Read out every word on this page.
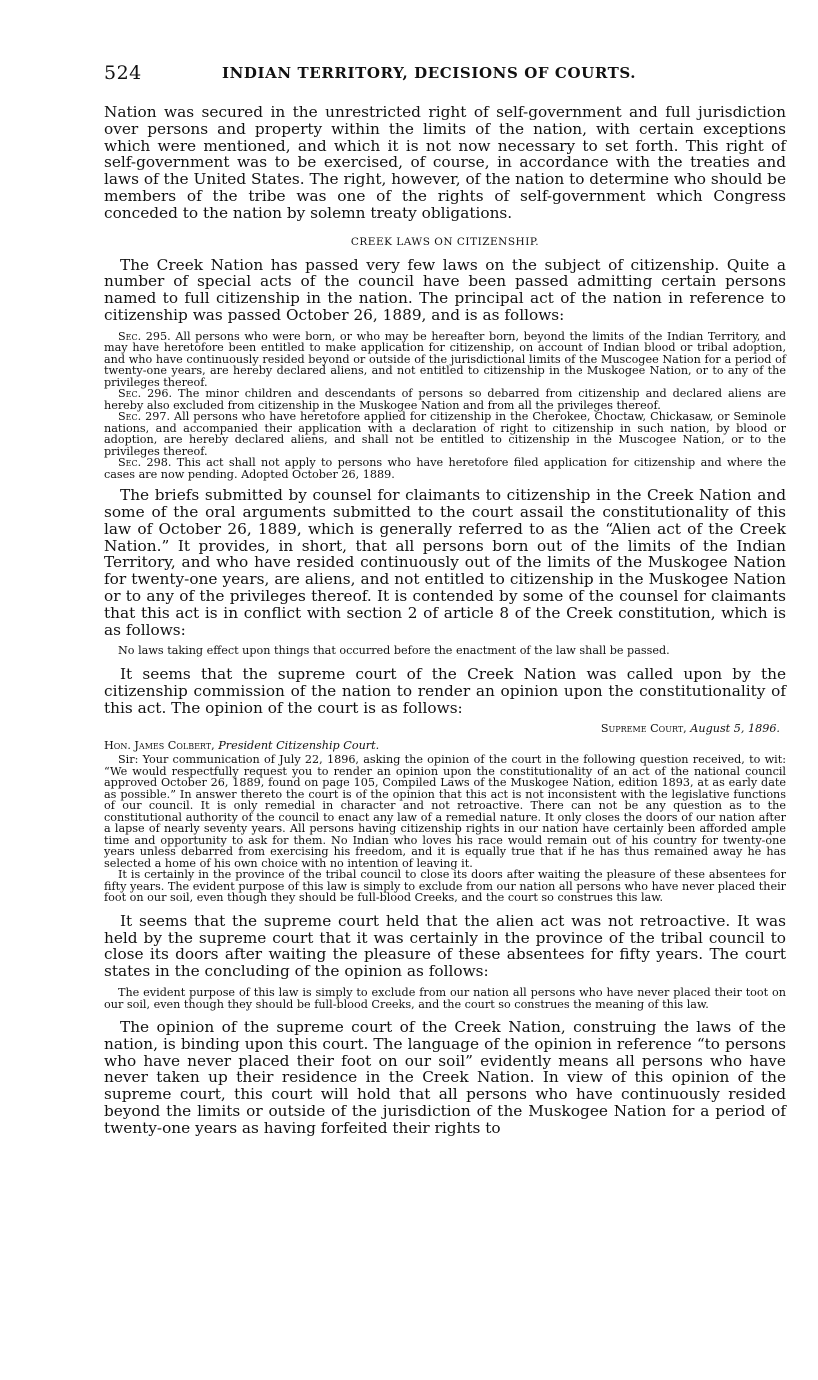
524	INDIAN TERRITORY, DECISIONS OF COURTS.

Nation was secured in the unrestricted right of self-government and full jurisdiction over persons and property within the limits of the nation, with certain exceptions which were mentioned, and which it is not now necessary to set forth. This right of self-government was to be exercised, of course, in accordance with the treaties and laws of the United States. The right, however, of the nation to determine who should be members of the tribe was one of the rights of self-government which Congress conceded to the nation by solemn treaty obligations.

CREEK LAWS ON CITIZENSHIP.

The Creek Nation has passed very few laws on the subject of citizenship. Quite a number of special acts of the council have been passed admitting certain persons named to full citizenship in the nation. The principal act of the nation in reference to citizenship was passed October 26, 1889, and is as follows:

Sec. 295. All persons who were born, or who may be hereafter born, beyond the limits of the Indian Territory, and may have heretofore been entitled to make application for citizenship, on account of Indian blood or tribal adoption, and who have continuously resided beyond or outside of the jurisdictional limits of the Muscogee Nation for a period of twenty-one years, are hereby declared aliens, and not entitled to citizenship in the Muskogee Nation, or to any of the privileges thereof.

Sec. 296. The minor children and descendants of persons so debarred from citizenship and declared aliens are hereby also excluded from citizenship in the Muskogee Nation and from all the privileges thereof.

Sec. 297. All persons who have heretofore applied for citizenship in the Cherokee, Choctaw, Chickasaw, or Seminole nations, and accompanied their application with a declaration of right to citizenship in such nation, by blood or adoption, are hereby declared aliens, and shall not be entitled to citizenship in the Muscogee Nation, or to the privileges thereof.

Sec. 298. This act shall not apply to persons who have heretofore filed application for citizenship and where the cases are now pending. Adopted October 26, 1889.

The briefs submitted by counsel for claimants to citizenship in the Creek Nation and some of the oral arguments submitted to the court assail the constitutionality of this law of October 26, 1889, which is generally referred to as the “Alien act of the Creek Nation.” It provides, in short, that all persons born out of the limits of the Indian Territory, and who have resided continuously out of the limits of the Muskogee Nation for twenty-one years, are aliens, and not entitled to citizenship in the Muskogee Nation or to any of the privileges thereof. It is contended by some of the counsel for claimants that this act is in conflict with section 2 of article 8 of the Creek constitution, which is as follows:

No laws taking effect upon things that occurred before the enactment of the law shall be passed.

It seems that the supreme court of the Creek Nation was called upon by the citizenship commission of the nation to render an opinion upon the constitutionality of this act. The opinion of the court is as follows:

Supreme Court, August 5, 1896.
Hon. James Colbert, President Citizenship Court.

Sir: Your communication of July 22, 1896, asking the opinion of the court in the following question received, to wit: “We would respectfully request you to render an opinion upon the constitutionality of an act of the national council approved October 26, 1889, found on page 105, Compiled Laws of the Muskogee Nation, edition 1893, at as early date as possible.” In answer thereto the court is of the opinion that this act is not inconsistent with the legislative functions of our council. It is only remedial in character and not retroactive. There can not be any question as to the constitutional authority of the council to enact any law of a remedial nature. It only closes the doors of our nation after a lapse of nearly seventy years. All persons having citizenship rights in our nation have certainly been afforded ample time and opportunity to ask for them. No Indian who loves his race would remain out of his country for twenty-one years unless debarred from exercising his freedom, and it is equally true that if he has thus remained away he has selected a home of his own choice with no intention of leaving it.

It is certainly in the province of the tribal council to close its doors after waiting the pleasure of these absentees for fifty years. The evident purpose of this law is simply to exclude from our nation all persons who have never placed their foot on our soil, even though they should be full-blood Creeks, and the court so construes this law.

It seems that the supreme court held that the alien act was not retroactive. It was held by the supreme court that it was certainly in the province of the tribal council to close its doors after waiting the pleasure of these absentees for fifty years. The court states in the concluding of the opinion as follows:

The evident purpose of this law is simply to exclude from our nation all persons who have never placed their toot on our soil, even though they should be full-blood Creeks, and the court so construes the meaning of this law.

The opinion of the supreme court of the Creek Nation, construing the laws of the nation, is binding upon this court. The language of the opinion in reference “to persons who have never placed their foot on our soil” evidently means all persons who have never taken up their residence in the Creek Nation. In view of this opinion of the supreme court, this court will hold that all persons who have continuously resided beyond the limits or outside of the jurisdiction of the Muskogee Nation for a period of twenty-one years as having forfeited their rights to
